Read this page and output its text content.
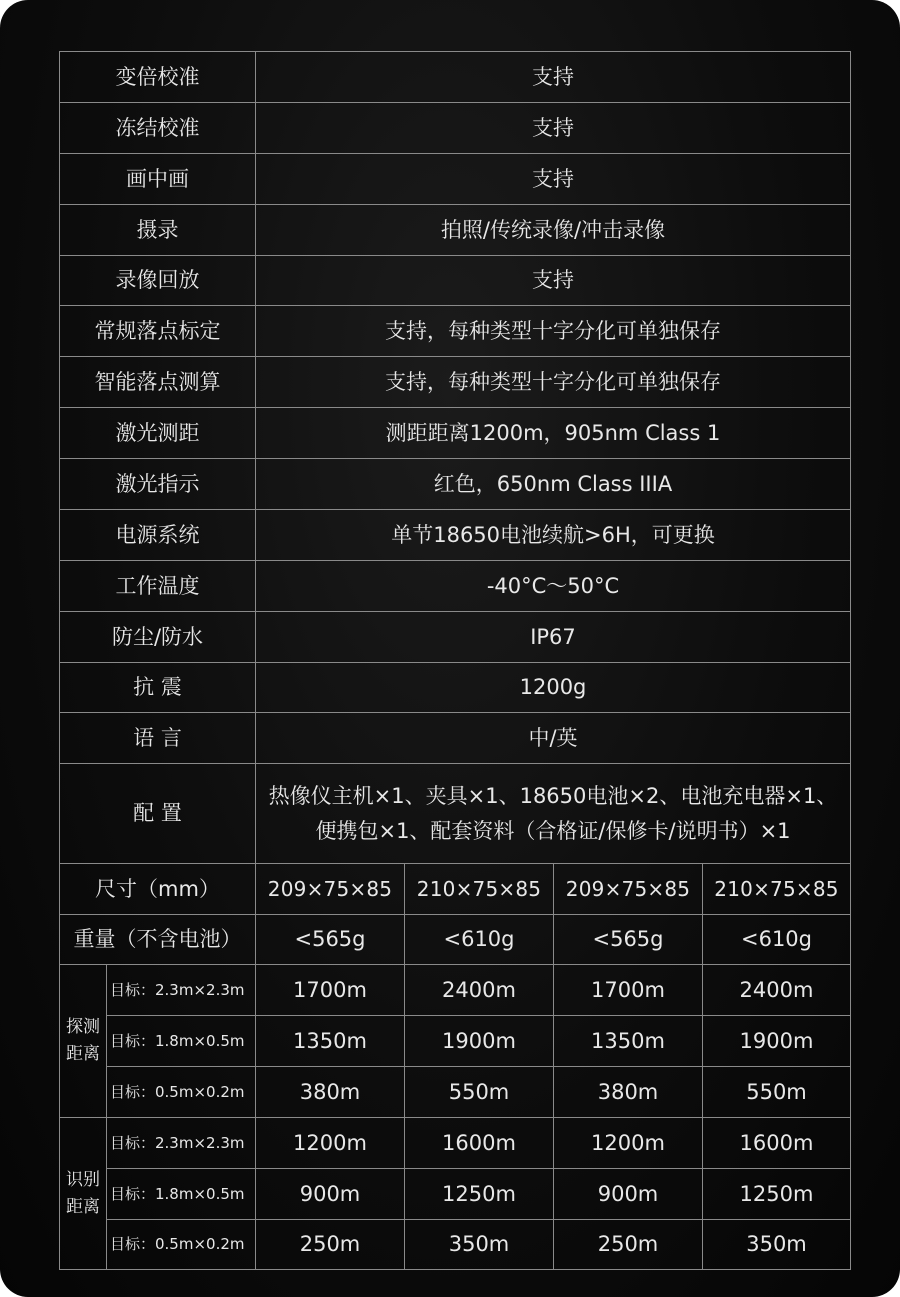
变倍校准		支持			
冻结校准		支持			
画中画		支持			
摄录		拍照/传统录像/冲击录像			
录像回放		支持			
常规落点标定		支持，每种类型十字分化可单独保存			
智能落点测算		支持，每种类型十字分化可单独保存			
激光测距		测距距离1200m，905nm Class 1			
激光指示		红色，650nm Class IIIA			
电源系统		单节18650电池续航>6H，可更换			
工作温度		-40°C～50°C			
防尘/防水		IP67			
抗 震		1200g			
语 言		中/英			
配 置		热像仪主机×1、夹具×1、18650电池×2、电池充电器×1、便携包×1、配套资料（合格证/保修卡/说明书）×1			
尺寸（mm）		209×75×85	210×75×85	209×75×85	210×75×85
重量（不含电池）		<565g	<610g	<565g	<610g
探测距离	目标：2.3m×2.3m	1700m	2400m	1700m	2400m
	目标：1.8m×0.5m	1350m	1900m	1350m	1900m
	目标：0.5m×0.2m	380m	550m	380m	550m
识别距离	目标：2.3m×2.3m	1200m	1600m	1200m	1600m
	目标：1.8m×0.5m	900m	1250m	900m	1250m
	目标：0.5m×0.2m	250m	350m	250m	350m
